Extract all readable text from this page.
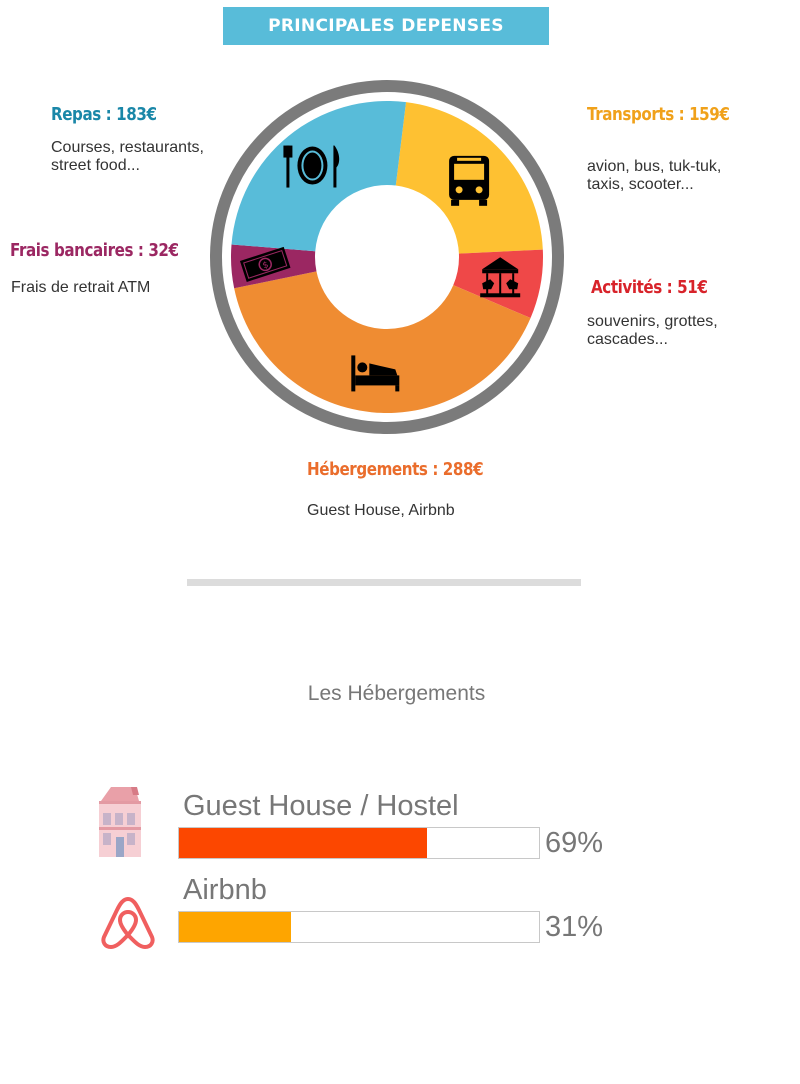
PRINCIPALES DEPENSES
$
Repas : 183€
Courses, restaurants, street food...
Transports : 159€
avion, bus, tuk-tuk, taxis, scooter...
Activités : 51€
souvenirs, grottes, cascades...
Hébergements : 288€
Guest House, Airbnb
Frais bancaires : 32€
Frais de retrait ATM
Les Hébergements
Guest House / Hostel
69%
Airbnb
31%
